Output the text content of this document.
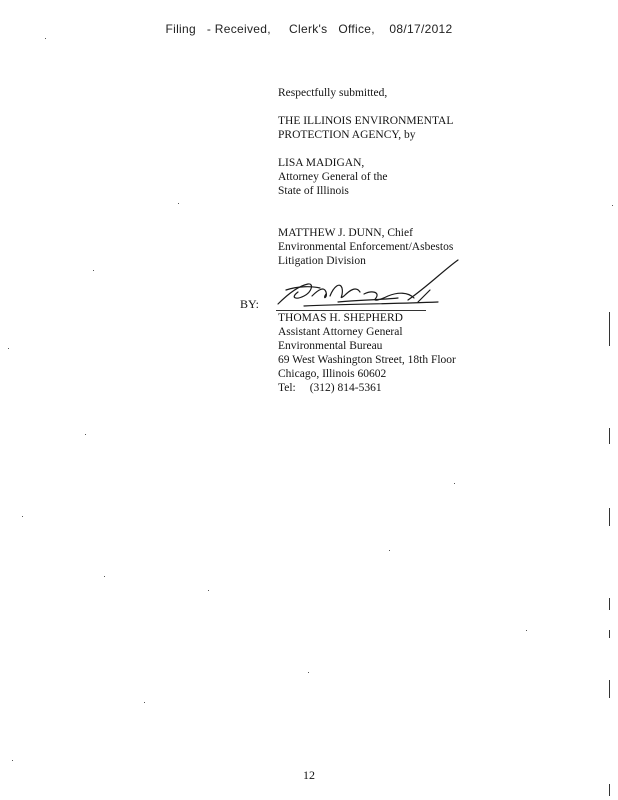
Filing   - Received,     Clerk's   Office,    08/17/2012
Respectfully submitted,
THE ILLINOIS ENVIRONMENTAL
PROTECTION AGENCY, by
LISA MADIGAN,
Attorney General of the
State of Illinois
MATTHEW J. DUNN, Chief
Environmental Enforcement/Asbestos
Litigation Division
BY:
THOMAS H. SHEPHERD
Assistant Attorney General
Environmental Bureau
69 West Washington Street, 18th Floor
Chicago, Illinois 60602
Tel: (312) 814-5361
12
